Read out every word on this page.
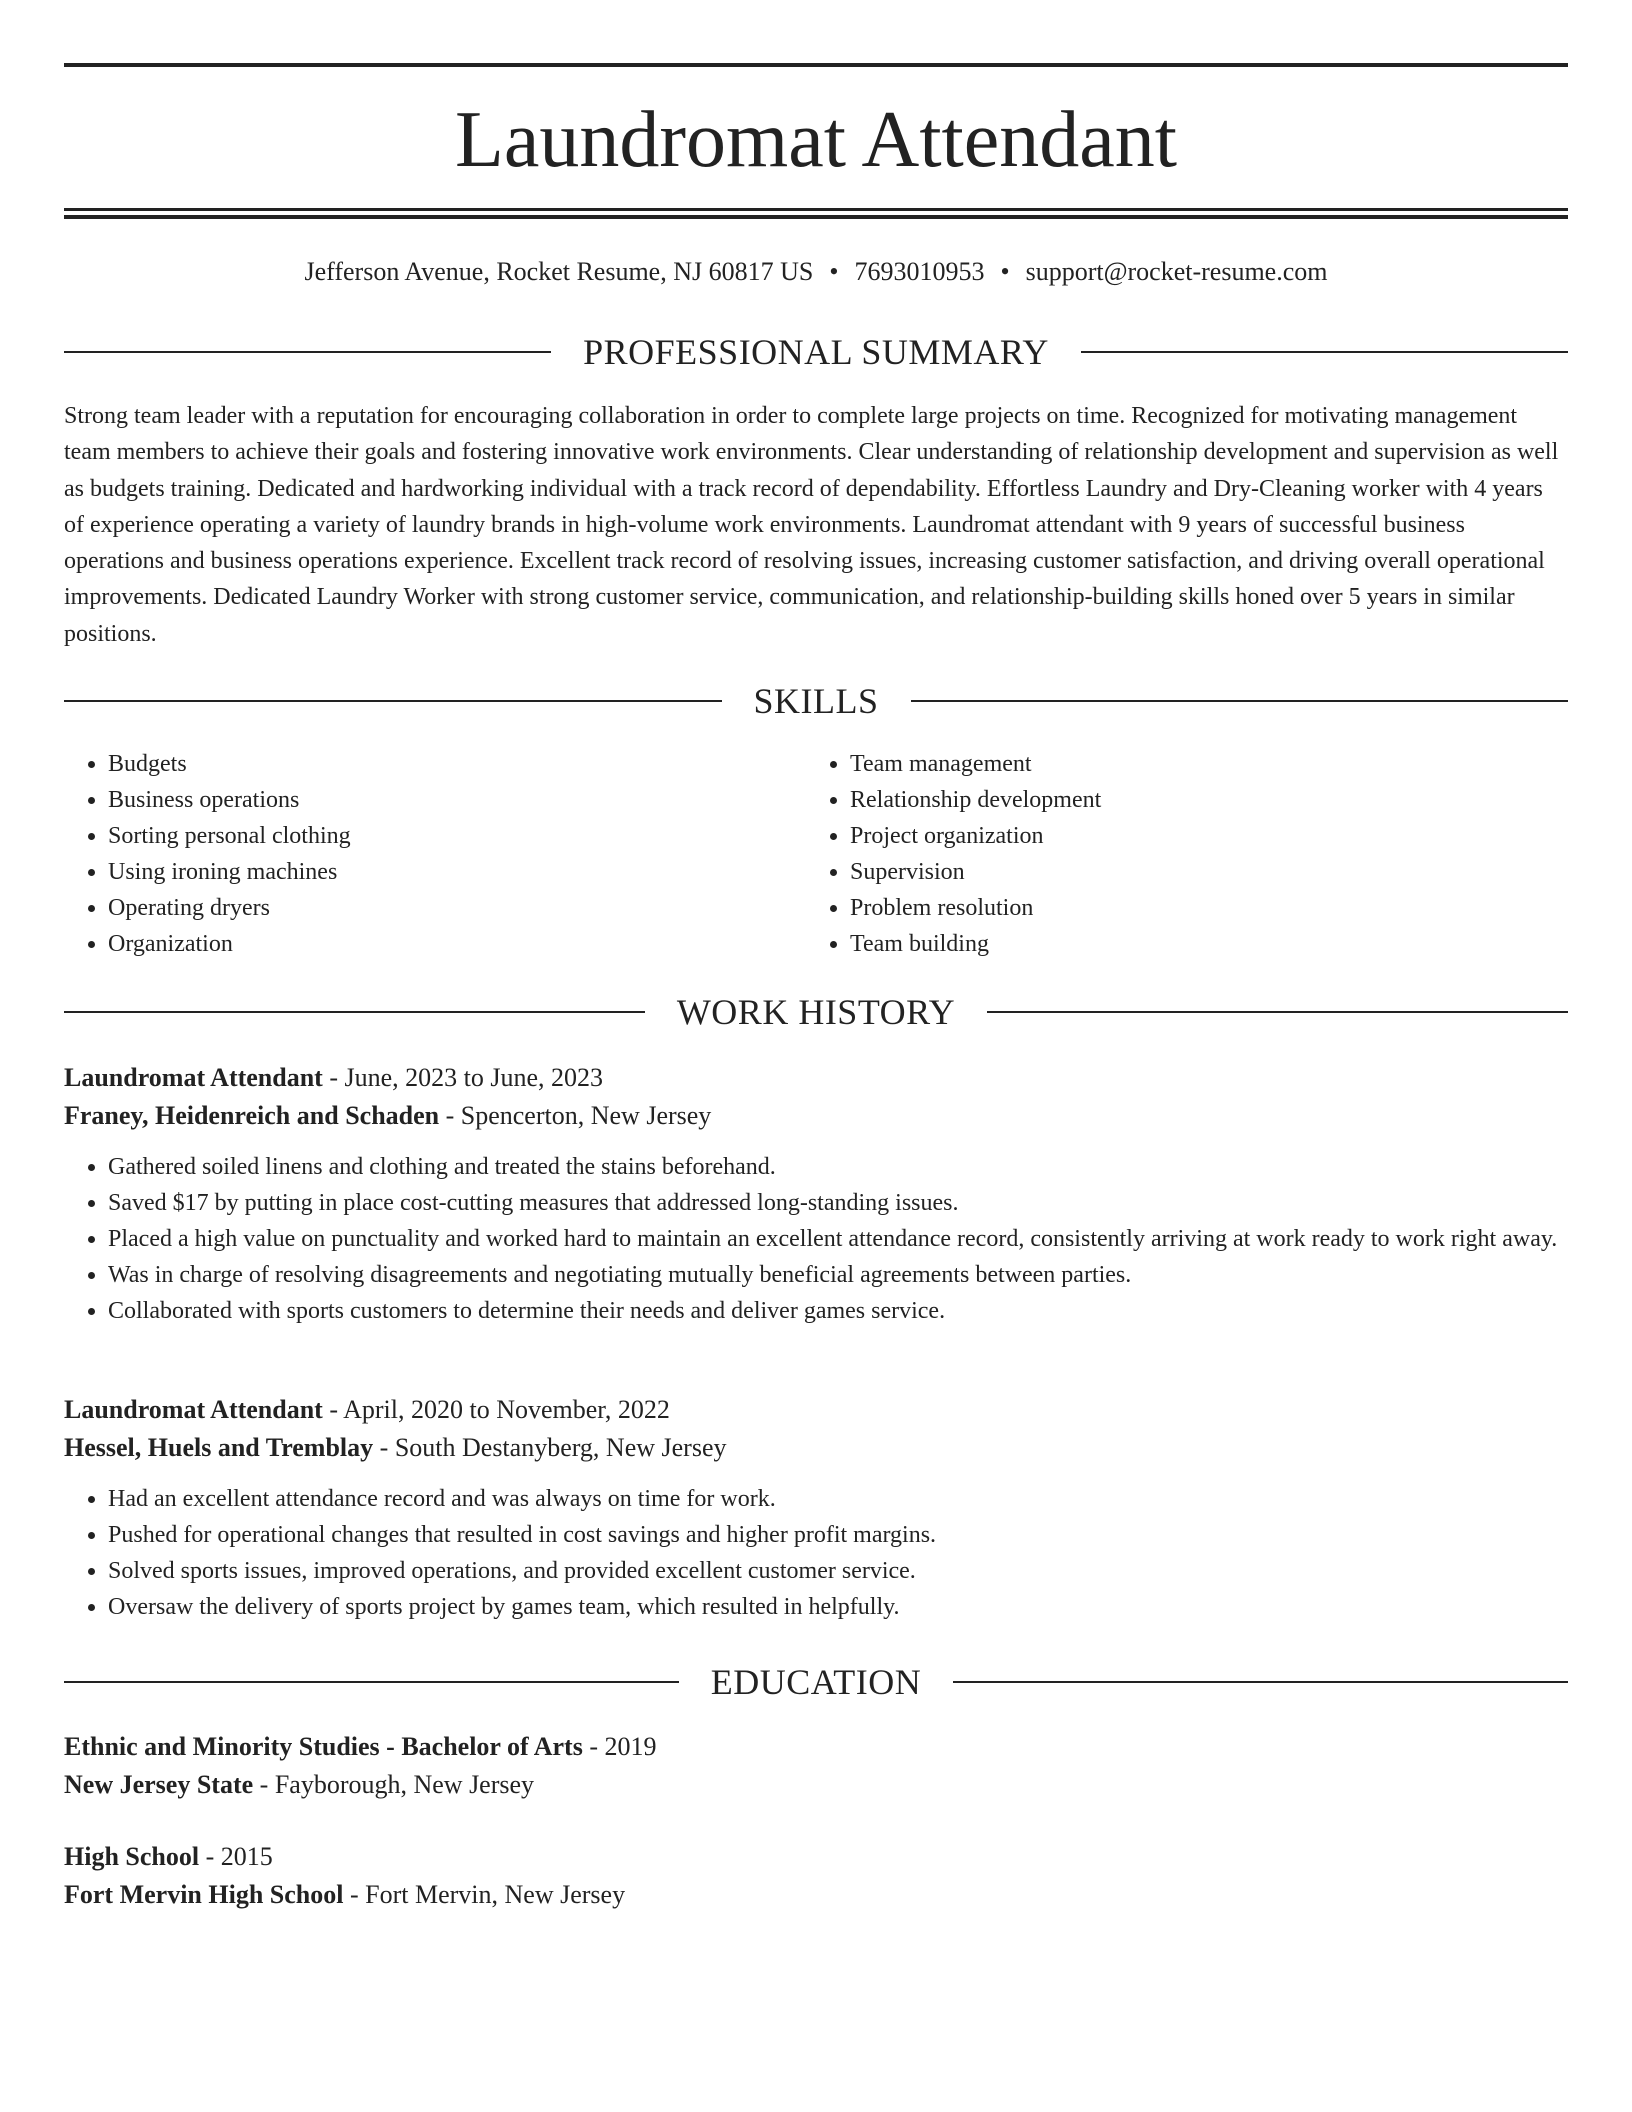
Laundromat Attendant
Jefferson Avenue, Rocket Resume, NJ 60817 US • 7693010953 • support@rocket-resume.com
PROFESSIONAL SUMMARY

Strong team leader with a reputation for encouraging collaboration in order to complete large projects on time. Recognized for motivating management team members to achieve their goals and fostering innovative work environments. Clear understanding of relationship development and supervision as well as budgets training. Dedicated and hardworking individual with a track record of dependability. Effortless Laundry and Dry-Cleaning worker with 4 years of experience operating a variety of laundry brands in high-volume work environments. Laundromat attendant with 9 years of successful business operations and business operations experience. Excellent track record of resolving issues, increasing customer satisfaction, and driving overall operational improvements. Dedicated Laundry Worker with strong customer service, communication, and relationship-building skills honed over 5 years in similar positions.

SKILLS
• Budgets
• Business operations
• Sorting personal clothing
• Using ironing machines
• Operating dryers
• Organization
• Team management
• Relationship development
• Project organization
• Supervision
• Problem resolution
• Team building
WORK HISTORY
Laundromat Attendant - June, 2023 to June, 2023
Franey, Heidenreich and Schaden - Spencerton, New Jersey
• Gathered soiled linens and clothing and treated the stains beforehand.
• Saved $17 by putting in place cost-cutting measures that addressed long-standing issues.
• Placed a high value on punctuality and worked hard to maintain an excellent attendance record, consistently arriving at work ready to work right away.
• Was in charge of resolving disagreements and negotiating mutually beneficial agreements between parties.
• Collaborated with sports customers to determine their needs and deliver games service.
Laundromat Attendant - April, 2020 to November, 2022
Hessel, Huels and Tremblay - South Destanyberg, New Jersey
• Had an excellent attendance record and was always on time for work.
• Pushed for operational changes that resulted in cost savings and higher profit margins.
• Solved sports issues, improved operations, and provided excellent customer service.
• Oversaw the delivery of sports project by games team, which resulted in helpfully.
EDUCATION
Ethnic and Minority Studies - Bachelor of Arts - 2019
New Jersey State - Fayborough, New Jersey
High School - 2015
Fort Mervin High School - Fort Mervin, New Jersey
